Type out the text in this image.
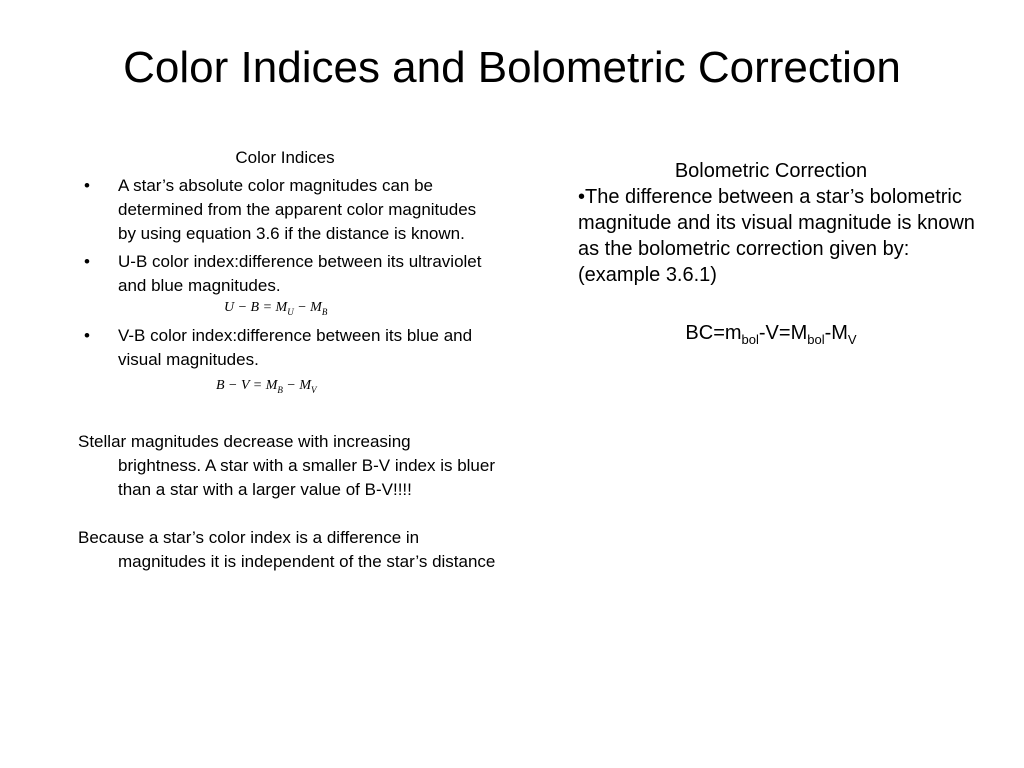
Color Indices and Bolometric Correction
Color Indices
• A star’s absolute color magnitudes can be determined from the apparent color magnitudes by using equation 3.6 if the distance is known.
• U-B color index:difference between its ultraviolet and blue magnitudes.
$U - B = M_U - M_B$
• V-B color index:difference between its blue and visual magnitudes.
$B - V = M_B - M_V$
Stellar magnitudes decrease with increasing brightness. A star with a smaller B-V index is bluer than a star with a larger value of B-V!!!!
Because a star’s color index is a difference in magnitudes it is independent of the star’s distance
Bolometric Correction
•The difference between a star’s bolometric magnitude and its visual magnitude is known as the bolometric correction given by:(example 3.6.1)
$BC=m_{bol}-V=M_{bol}-M_V$
